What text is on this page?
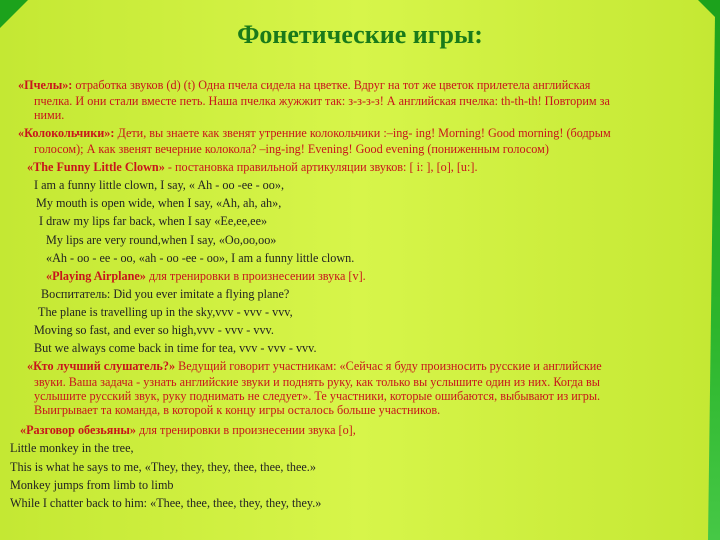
Фонетические игры:
«Пчелы»: отработка звуков (d) (t) Одна пчела сидела на цветке. Вдруг на тот же цветок прилетела английская
пчелка. И они стали вместе петь. Наша пчелка жужжит так: з-з-з-з! А английская пчелка: th-th-th! Повторим за
ними.
«Колокольчики»: Дети, вы знаете как звенят утренние колокольчики :–ing- ing! Morning! Good morning! (бодрым
голосом); А как звенят вечерние колокола? –ing-ing! Evening! Good evening (пониженным голосом)
«The Funny Little Clown» - постановка правильной артикуляции звуков: [ i: ], [o], [u:].
I am a funny little clown, I say, « Ah - oo -ee - oo»,
My mouth is open wide, when I say, «Ah, ah, ah»,
I draw my lips far back, when I say «Ee,ee,ee»
My lips are very round,when I say, «Oo,oo,oo»
«Ah - oo - ee - oo, «ah - oo -ee - oo», I am a funny little clown.
«Playing Airplane» для тренировки в произнесении звука [v].
Воспитатель: Did you ever imitate a flying plane?
The plane is travelling up in the sky,vvv - vvv - vvv,
Moving so fast, and ever so high,vvv - vvv - vvv.
But we always come back in time for tea, vvv - vvv - vvv.
«Кто лучший слушатель?» Ведущий говорит участникам: «Сейчас я буду произносить русские и английские
звуки. Ваша задача - узнать английские звуки и поднять руку, как только вы услышите один из них. Когда вы
услышите русский звук, руку поднимать не следует». Те участники, которые ошибаются, выбывают из игры.
Выигрывает та команда, в которой к концу игры осталось больше участников.
«Разговор обезьяны» для тренировки в произнесении звука [o],
Little monkey in the tree,
This is what he says to me, «They, they, they, thee, thee, thee.»
Monkey jumps from limb to limb
While I chatter back to him: «Thee, thee, thee, they, they, they.»
